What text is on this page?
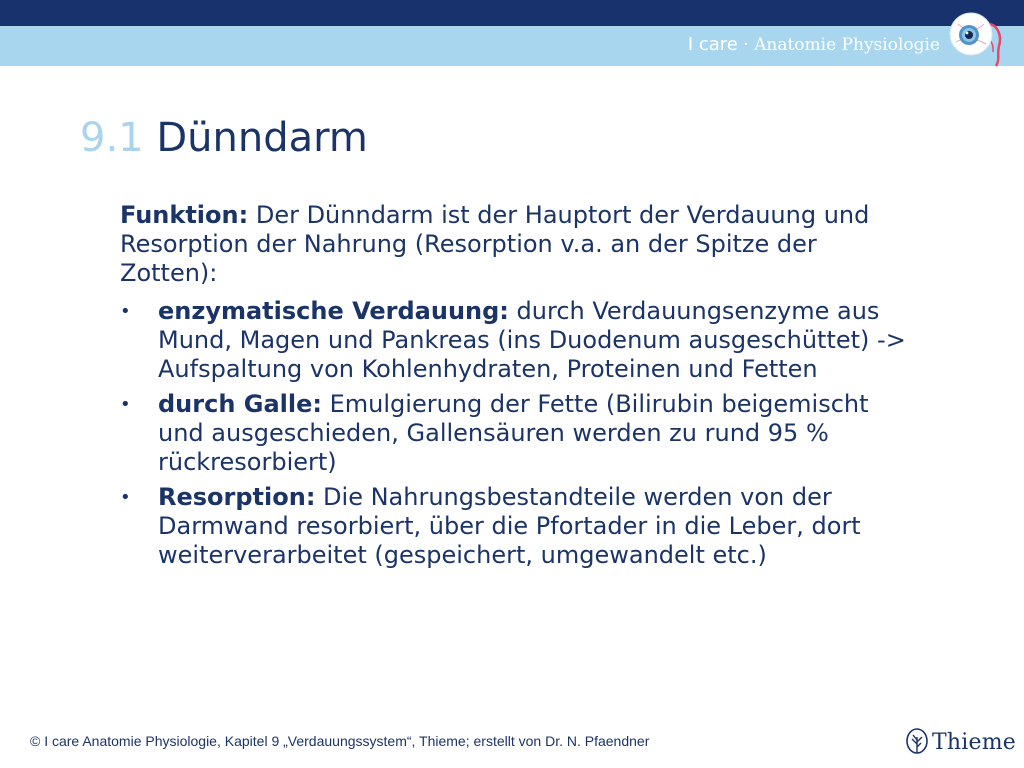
I care · Anatomie Physiologie
9.1 Dünndarm

Funktion: Der Dünndarm ist der Hauptort der Verdauung und Resorption der Nahrung (Resorption v.a. an der Spitze der Zotten):

• enzymatische Verdauung: durch Verdauungsenzyme aus Mund, Magen und Pankreas (ins Duodenum ausgeschüttet) -> Aufspaltung von Kohlenhydraten, Proteinen und Fetten
• durch Galle: Emulgierung der Fette (Bilirubin beigemischt und ausgeschieden, Gallensäuren werden zu rund 95 % rückresorbiert)
• Resorption: Die Nahrungsbestandteile werden von der Darmwand resorbiert, über die Pfortader in die Leber, dort weiterverarbeitet (gespeichert, umgewandelt etc.)
© I care Anatomie Physiologie, Kapitel 9 „Verdauungssystem“, Thieme; erstellt von Dr. N. Pfaendner	Thieme
